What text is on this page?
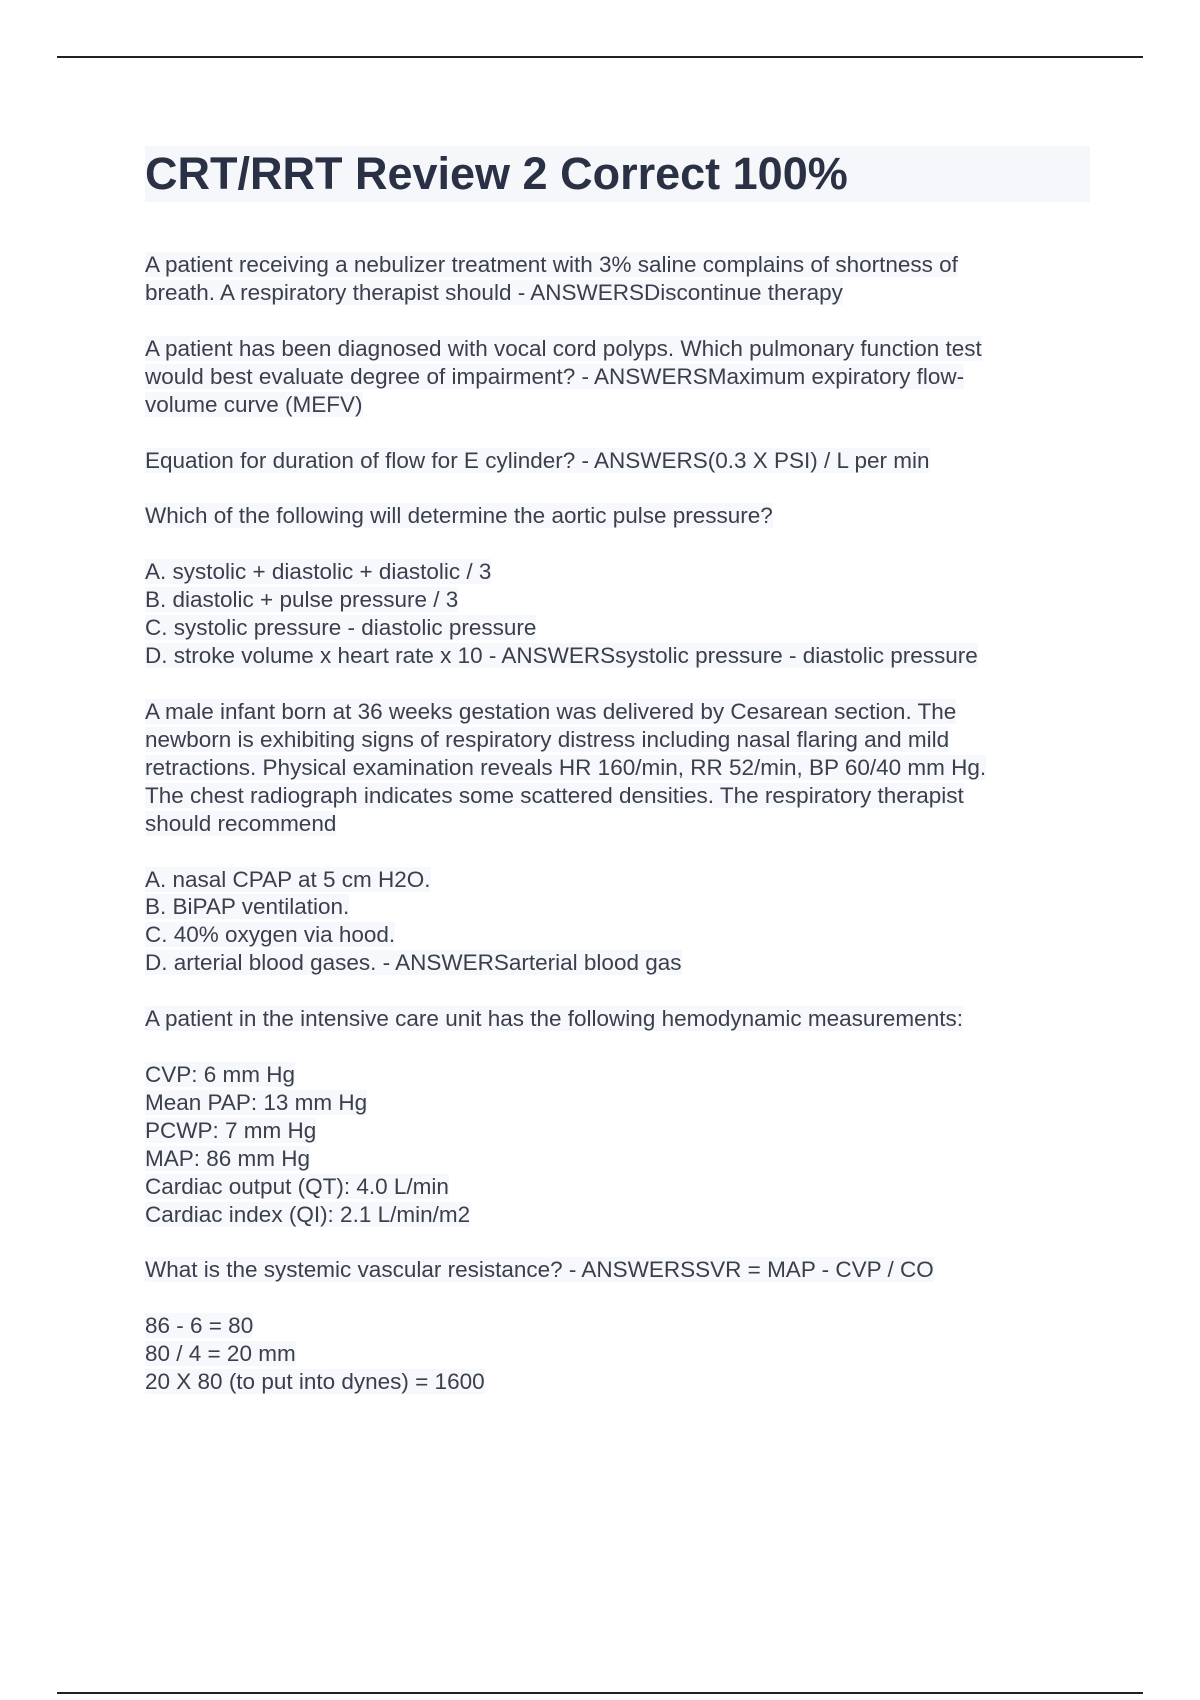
CRT/RRT Review 2 Correct 100%

A patient receiving a nebulizer treatment with 3% saline complains of shortness of
breath. A respiratory therapist should - ANSWERSDiscontinue therapy

A patient has been diagnosed with vocal cord polyps. Which pulmonary function test
would best evaluate degree of impairment? - ANSWERSMaximum expiratory flow-
volume curve (MEFV)

Equation for duration of flow for E cylinder? - ANSWERS(0.3 X PSI) / L per min

Which of the following will determine the aortic pulse pressure?

A. systolic + diastolic + diastolic / 3
B. diastolic + pulse pressure / 3
C. systolic pressure - diastolic pressure
D. stroke volume x heart rate x 10 - ANSWERSsystolic pressure - diastolic pressure

A male infant born at 36 weeks gestation was delivered by Cesarean section. The
newborn is exhibiting signs of respiratory distress including nasal flaring and mild
retractions. Physical examination reveals HR 160/min, RR 52/min, BP 60/40 mm Hg.
The chest radiograph indicates some scattered densities. The respiratory therapist
should recommend

A. nasal CPAP at 5 cm H2O.
B. BiPAP ventilation.
C. 40% oxygen via hood.
D. arterial blood gases. - ANSWERSarterial blood gas

A patient in the intensive care unit has the following hemodynamic measurements:

CVP: 6 mm Hg
Mean PAP: 13 mm Hg
PCWP: 7 mm Hg
MAP: 86 mm Hg
Cardiac output (QT): 4.0 L/min
Cardiac index (QI): 2.1 L/min/m2

What is the systemic vascular resistance? - ANSWERSSVR = MAP - CVP / CO

86 - 6 = 80
80 / 4 = 20 mm
20 X 80 (to put into dynes) = 1600
